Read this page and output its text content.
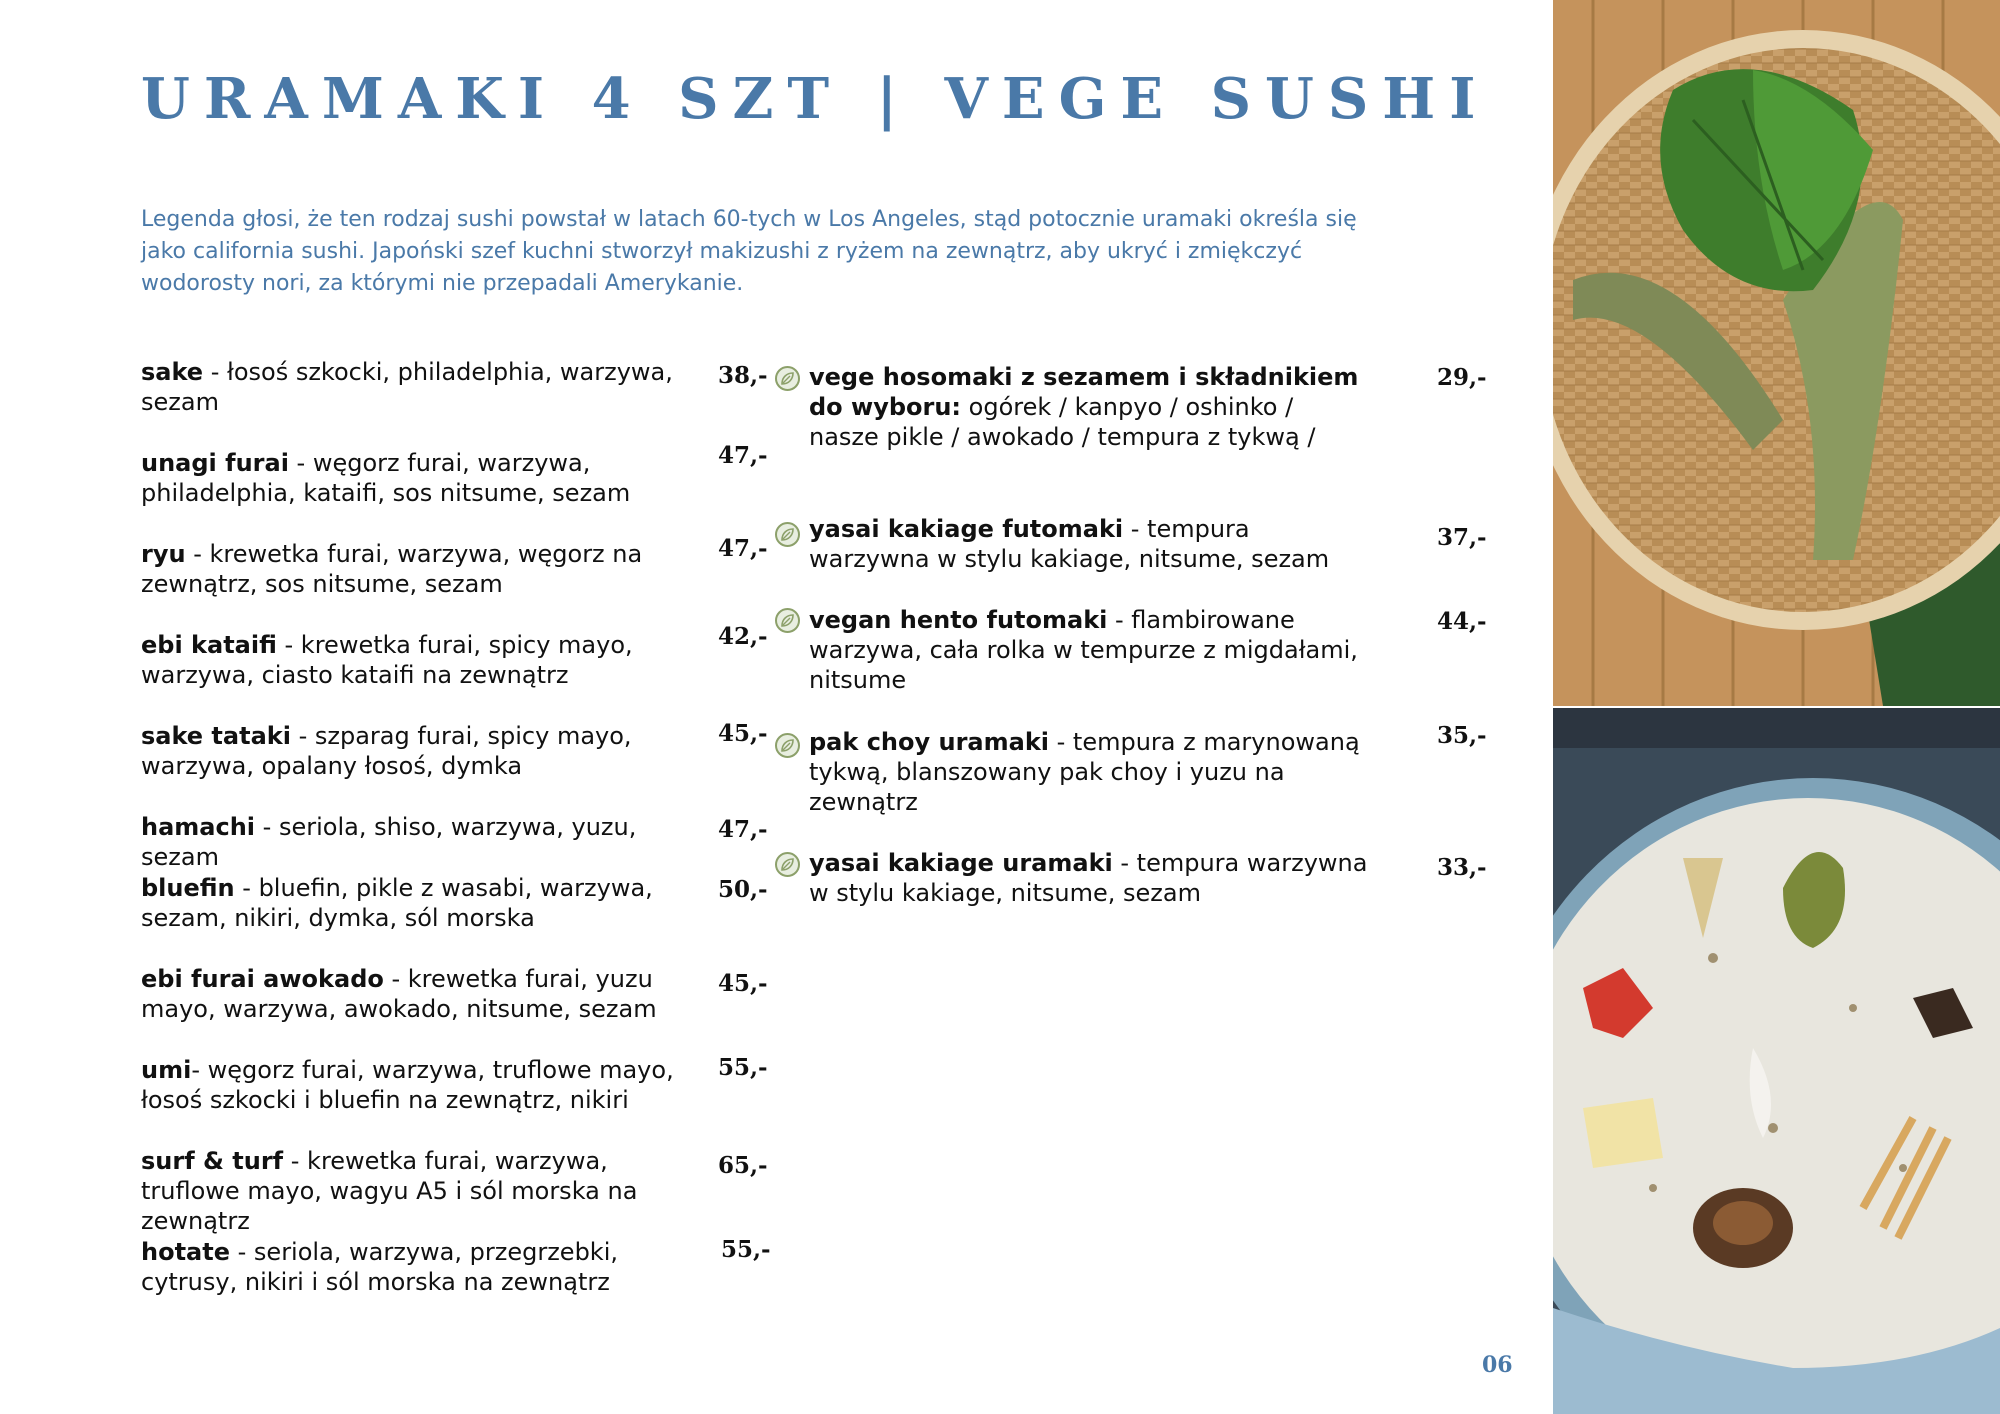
URAMAKI 4 SZT | VEGE SUSHI

Legenda głosi, że ten rodzaj sushi powstał w latach 60-tych w Los Angeles, stąd potocznie uramaki określa się jako california sushi. Japoński szef kuchni stworzył makizushi z ryżem na zewnątrz, aby ukryć i zmiękczyć wodorosty nori, za którymi nie przepadali Amerykanie.

sake - łosoś szkocki, philadelphia, warzywa, sezam
38,-
unagi furai - węgorz furai, warzywa, philadelphia, kataifi, sos nitsume, sezam
47,-
ryu - krewetka furai, warzywa, węgorz na zewnątrz, sos nitsume, sezam
47,-
ebi kataifi - krewetka furai, spicy mayo, warzywa, ciasto kataifi na zewnątrz
42,-
sake tataki - szparag furai, spicy mayo, warzywa, opalany łosoś, dymka
45,-
hamachi - seriola, shiso, warzywa, yuzu, sezam
47,-
bluefin - bluefin, pikle z wasabi, warzywa, sezam, nikiri, dymka, sól morska
50,-
ebi furai awokado - krewetka furai, yuzu mayo, warzywa, awokado, nitsume, sezam
45,-
umi- węgorz furai, warzywa, truflowe mayo, łosoś szkocki i bluefin na zewnątrz, nikiri
55,-
surf & turf - krewetka furai, warzywa, truflowe mayo, wagyu A5 i sól morska na zewnątrz
65,-
hotate - seriola, warzywa, przegrzebki, cytrusy, nikiri i sól morska na zewnątrz
55,-
vege hosomaki z sezamem i składnikiem do wyboru: ogórek / kanpyo / oshinko / nasze pikle / awokado / tempura z tykwą /
29,-
yasai kakiage futomaki - tempura warzywna w stylu kakiage, nitsume, sezam
37,-
vegan hento futomaki - flambirowane warzywa, cała rolka w tempurze z migdałami, nitsume
44,-
pak choy uramaki - tempura z marynowaną tykwą, blanszowany pak choy i yuzu na zewnątrz
35,-
yasai kakiage uramaki - tempura warzywna w stylu kakiage, nitsume, sezam
33,-
06
